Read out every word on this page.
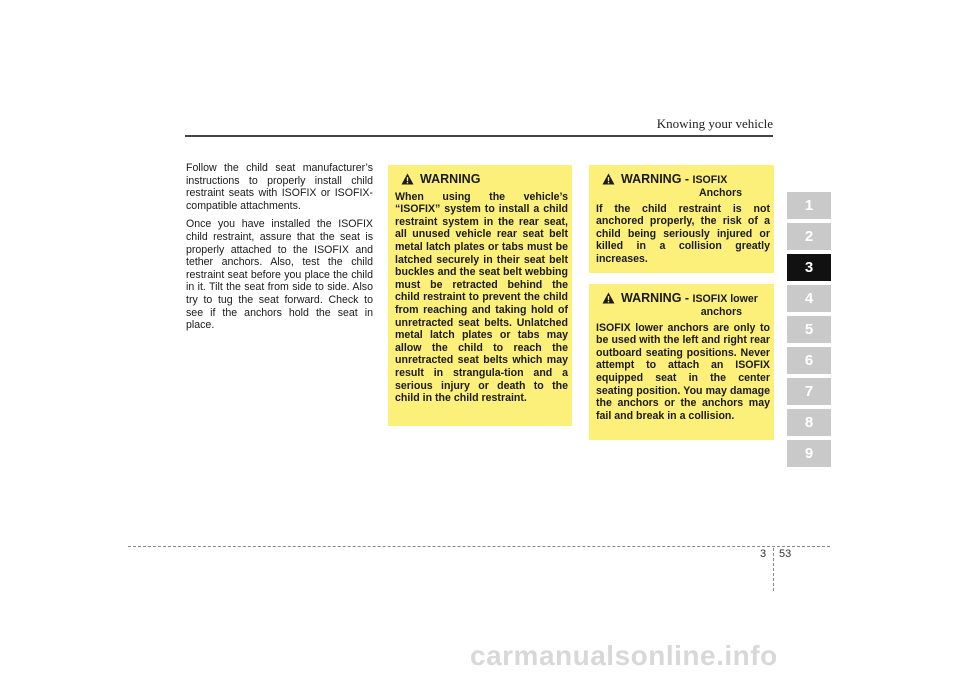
Knowing your vehicle

Follow the child seat manufacturer’s instructions to properly install child restraint seats with ISOFIX or ISOFIX-compatible attachments.

Once you have installed the ISOFIX child restraint, assure that the seat is properly attached to the ISOFIX and tether anchors. Also, test the child restraint seat before you place the child in it. Tilt the seat from side to side. Also try to tug the seat forward. Check to see if the anchors hold the seat in place.

WARNING
When using the vehicle’s “ISOFIX” system to install a child restraint system in the rear seat, all unused vehicle rear seat belt metal latch plates or tabs must be latched securely in their seat belt buckles and the seat belt webbing must be retracted behind the child restraint to prevent the child from reaching and taking hold of unretracted seat belts. Unlatched metal latch plates or tabs may allow the child to reach the unretracted seat belts which may result in strangula-tion and a serious injury or death to the child in the child restraint.
WARNING - ISOFIX
Anchors
If the child restraint is not anchored properly, the risk of a child being seriously injured or killed in a collision greatly increases.
WARNING - ISOFIX lower
anchors
ISOFIX lower anchors are only to be used with the left and right rear outboard seating positions. Never attempt to attach an ISOFIX equipped seat in the center seating position. You may damage the anchors or the anchors may fail and break in a collision.
1
2
3
4
5
6
7
8
9
3 53
carmanualsonline.info
